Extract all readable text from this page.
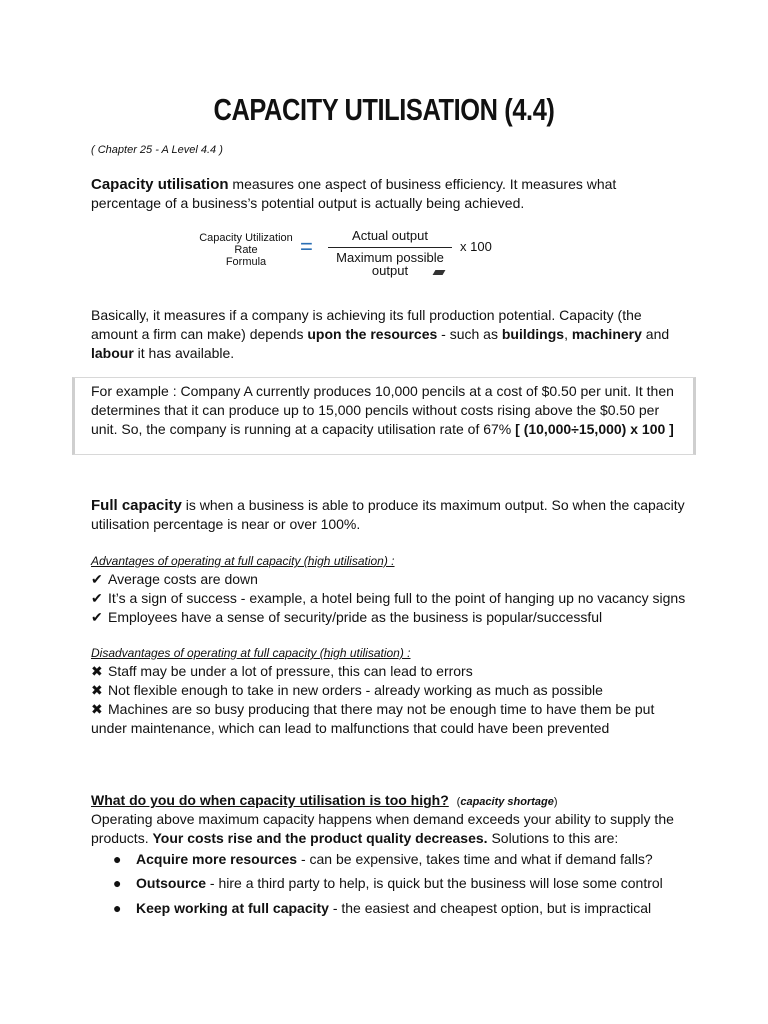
CAPACITY UTILISATION (4.4)
( Chapter 25 - A Level 4.4 )
Capacity utilisation measures one aspect of business efficiency. It measures what
percentage of a business’s potential output is actually being achieved.
Capacity Utilization
Rate
Formula
=	Actual output
Maximum possible
output
x 100
Basically, it measures if a company is achieving its full production potential. Capacity (the
amount a firm can make) depends upon the resources - such as buildings, machinery and
labour it has available.
For example : Company A currently produces 10,000 pencils at a cost of $0.50 per unit. It then
determines that it can produce up to 15,000 pencils without costs rising above the $0.50 per
unit. So, the company is running at a capacity utilisation rate of 67% [ (10,000÷15,000) x 100 ]
Full capacity is when a business is able to produce its maximum output. So when the capacity
utilisation percentage is near or over 100%.
Advantages of operating at full capacity (high utilisation) :
✔ Average costs are down
✔ It’s a sign of success - example, a hotel being full to the point of hanging up no vacancy signs
✔ Employees have a sense of security/pride as the business is popular/successful
Disadvantages of operating at full capacity (high utilisation) :
✖ Staff may be under a lot of pressure, this can lead to errors
✖ Not flexible enough to take in new orders - already working as much as possible
✖ Machines are so busy producing that there may not be enough time to have them be put
under maintenance, which can lead to malfunctions that could have been prevented
What do you do when capacity utilisation is too high? (capacity shortage)
Operating above maximum capacity happens when demand exceeds your ability to supply the
products. Your costs rise and the product quality decreases. Solutions to this are:
● Acquire more resources - can be expensive, takes time and what if demand falls?
● Outsource - hire a third party to help, is quick but the business will lose some control
● Keep working at full capacity - the easiest and cheapest option, but is impractical
